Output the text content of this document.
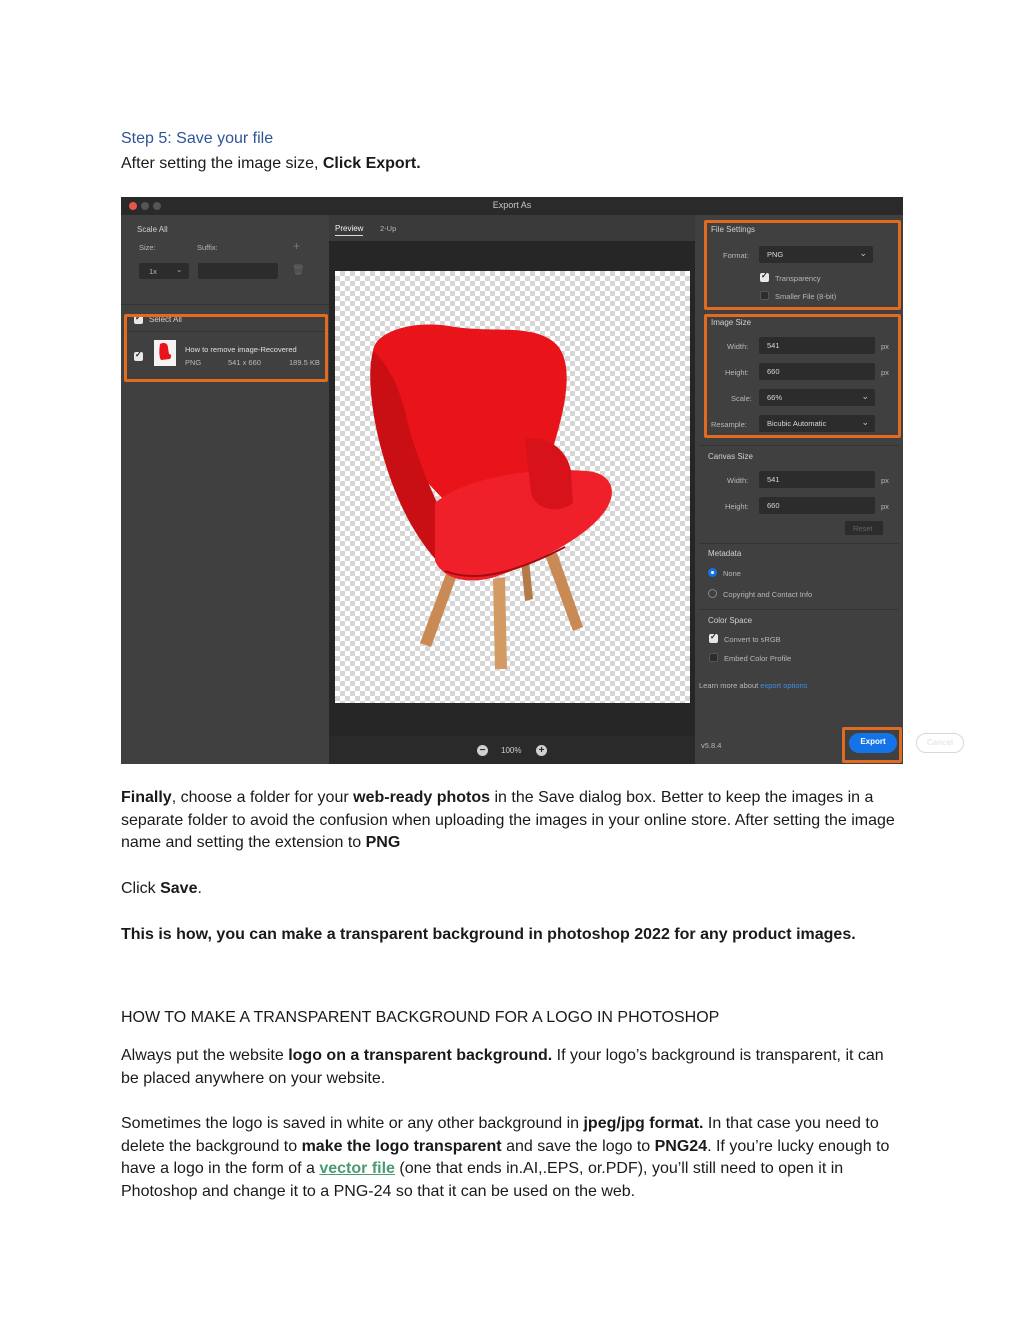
Step 5: Save your file
After setting the image size, Click Export.
Export As
Scale All
Size:	Suffix:	+
1x	⌄	🗑
✓
Select All
✓
How to remove image-Recovered
PNG	541 x 660	189.5 KB
Preview 2-Up
−	100% +
File Settings
Format: PNG	⌄
✓
Transparency
Smaller File (8-bit)
Image Size
Width: 541	px
Height: 660	px
Scale: 66%	⌄
Resample:	Bicubic Automatic	⌄
Canvas Size
Width: 541	px
Height: 660	px
Reset
Metadata
None
Copyright and Contact Info
Color Space
✓
Convert to sRGB
Embed Color Profile
Learn more about export options
v5.8.4	Cancel
Export
Finally, choose a folder for your web-ready photos in the Save dialog box. Better to keep the images in a separate folder to avoid the confusion when uploading the images in your online store. After setting the image name and setting the extension to PNG
Click Save.
This is how, you can make a transparent background in photoshop 2022 for any product images.
HOW TO MAKE A TRANSPARENT BACKGROUND FOR A LOGO IN PHOTOSHOP
Always put the website logo on a transparent background. If your logo’s background is transparent, it can be placed anywhere on your website.
Sometimes the logo is saved in white or any other background in jpeg/jpg format. In that case you need to delete the background to make the logo transparent and save the logo to PNG24. If you’re lucky enough to have a logo in the form of a vector file (one that ends in.AI,.EPS, or.PDF), you’ll still need to open it in Photoshop and change it to a PNG-24 so that it can be used on the web.
